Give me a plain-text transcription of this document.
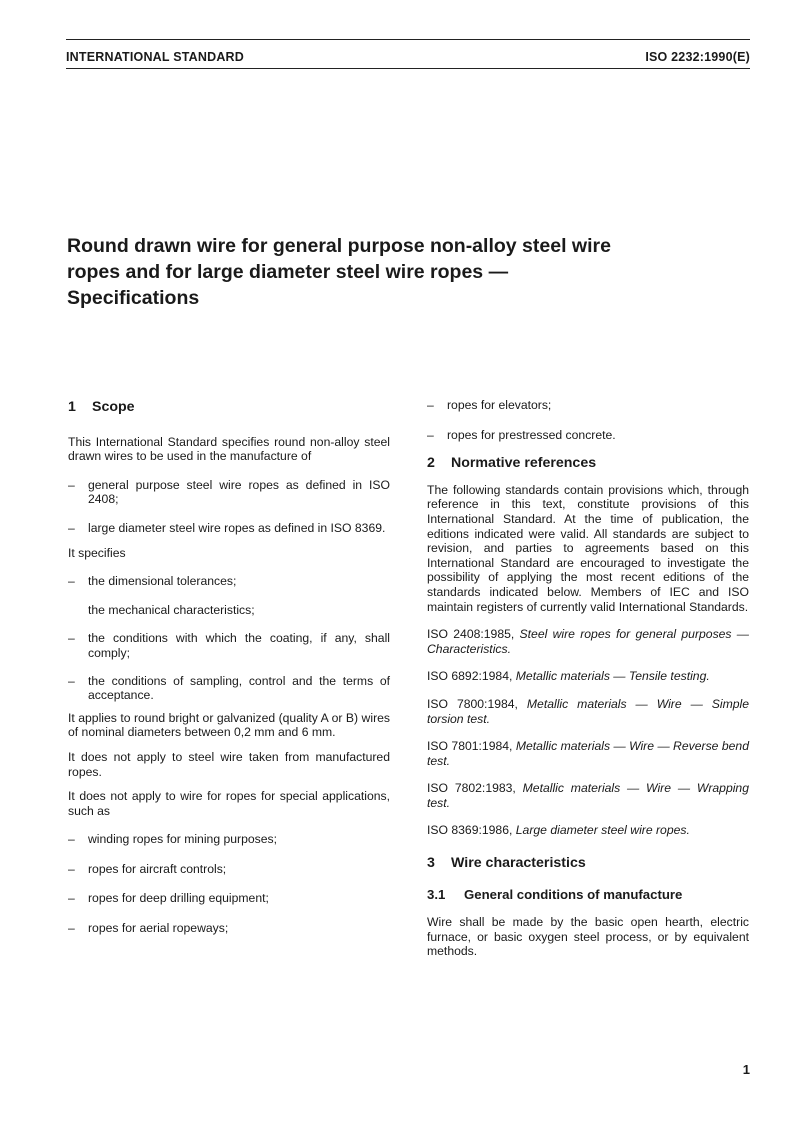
INTERNATIONAL STANDARD	ISO 2232:1990(E)
Round drawn wire for general purpose non-alloy steel wire
ropes and for large diameter steel wire ropes —
Specifications
1 Scope

This International Standard specifies round non-alloy steel drawn wires to be used in the manufacture of

– general purpose steel wire ropes as defined in ISO 2408;
– large diameter steel wire ropes as defined in ISO 8369.

It specifies

– the dimensional tolerances;
the mechanical characteristics;
– the conditions with which the coating, if any, shall comply;
– the conditions of sampling, control and the terms of acceptance.

It applies to round bright or galvanized (quality A or B) wires of nominal diameters between 0,2 mm and 6 mm.

It does not apply to steel wire taken from manufactured ropes.

It does not apply to wire for ropes for special applications, such as

– winding ropes for mining purposes;
– ropes for aircraft controls;
– ropes for deep drilling equipment;
– ropes for aerial ropeways;
– ropes for elevators;
– ropes for prestressed concrete.
2 Normative references

The following standards contain provisions which, through reference in this text, constitute provisions of this International Standard. At the time of publication, the editions indicated were valid. All standards are subject to revision, and parties to agreements based on this International Standard are encouraged to investigate the possibility of applying the most recent editions of the standards indicated below. Members of IEC and ISO maintain registers of currently valid International Standards.

ISO 2408:1985, Steel wire ropes for general purposes — Characteristics.

ISO 6892:1984, Metallic materials — Tensile testing.

ISO 7800:1984, Metallic materials — Wire — Simple torsion test.

ISO 7801:1984, Metallic materials — Wire — Reverse bend test.

ISO 7802:1983, Metallic materials — Wire — Wrapping test.

ISO 8369:1986, Large diameter steel wire ropes.

3 Wire characteristics
3.1 General conditions of manufacture

Wire shall be made by the basic open hearth, electric furnace, or basic oxygen steel process, or by equivalent methods.

1
